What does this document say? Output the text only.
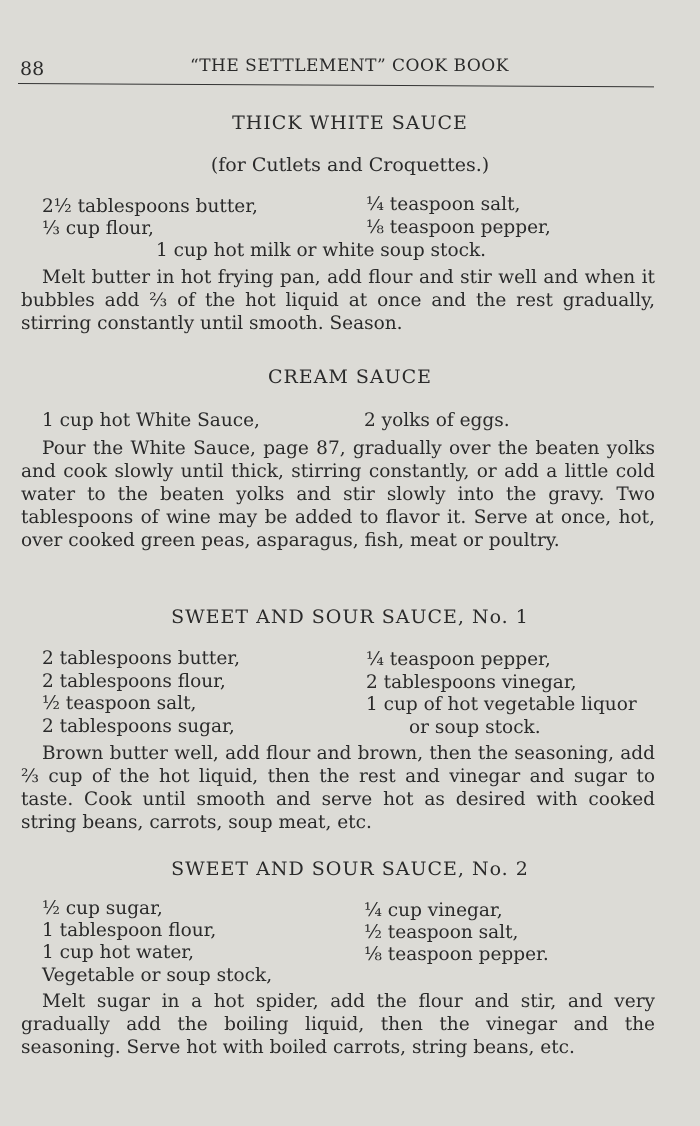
88	“THE SETTLEMENT” COOK BOOK
THICK WHITE SAUCE
(for Cutlets and Croquettes.)
2½ tablespoons butter,
⅓ cup flour,
¼ teaspoon salt,
⅛ teaspoon pepper,
1 cup hot milk or white soup stock.
Melt butter in hot frying pan, add flour and stir well and when it bubbles add ⅔ of the hot liquid at once and the rest gradually, stirring constantly until smooth. Season.
CREAM SAUCE
1 cup hot White Sauce,	2 yolks of eggs.
Pour the White Sauce, page 87, gradually over the beaten yolks and cook slowly until thick, stirring constantly, or add a little cold water to the beaten yolks and stir slowly into the gravy. Two tablespoons of wine may be added to flavor it. Serve at once, hot, over cooked green peas, asparagus, fish, meat or poultry.
SWEET AND SOUR SAUCE, No. 1
2 tablespoons butter,
2 tablespoons flour,
½ teaspoon salt,
2 tablespoons sugar,
¼ teaspoon pepper,
2 tablespoons vinegar,
1 cup of hot vegetable liquor
or soup stock.
Brown butter well, add flour and brown, then the seasoning, add ⅔ cup of the hot liquid, then the rest and vinegar and sugar to taste. Cook until smooth and serve hot as desired with cooked string beans, carrots, soup meat, etc.
SWEET AND SOUR SAUCE, No. 2
½ cup sugar,
1 tablespoon flour,
1 cup hot water,
Vegetable or soup stock,
¼ cup vinegar,
½ teaspoon salt,
⅛ teaspoon pepper.
Melt sugar in a hot spider, add the flour and stir, and very gradually add the boiling liquid, then the vinegar and the seasoning. Serve hot with boiled carrots, string beans, etc.
